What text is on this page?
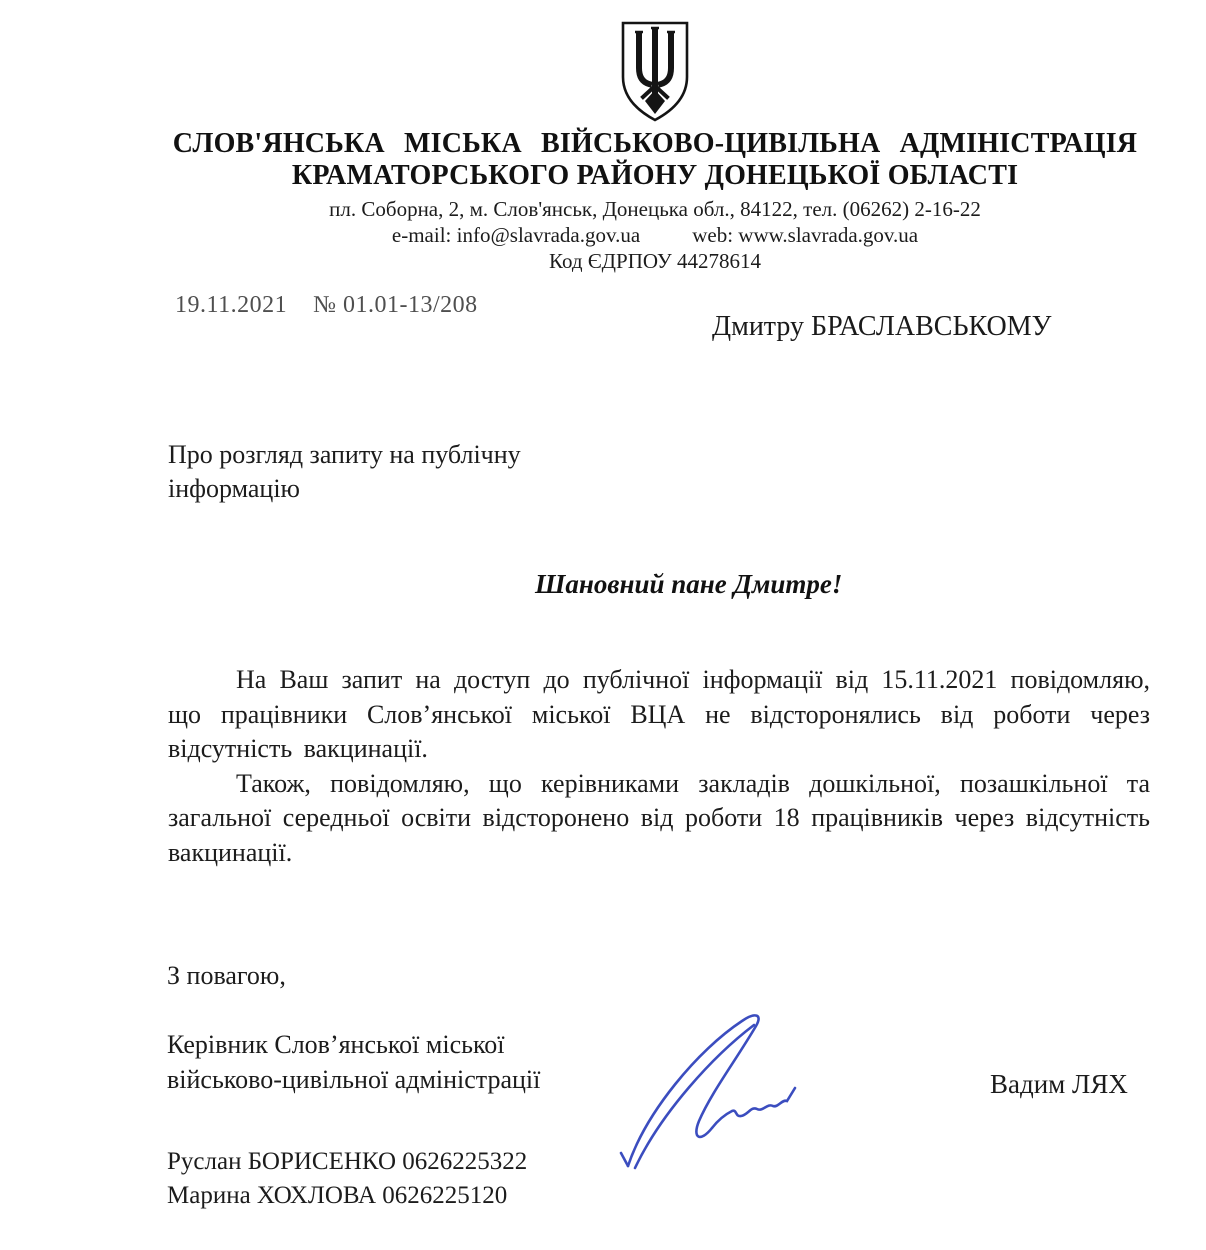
СЛОВ'ЯНСЬКА МІСЬКА ВІЙСЬКОВО-ЦИВІЛЬНА АДМІНІСТРАЦІЯ
КРАМАТОРСЬКОГО РАЙОНУ ДОНЕЦЬКОЇ ОБЛАСТІ
пл. Соборна, 2, м. Слов'янськ, Донецька обл., 84122, тел. (06262) 2-16-22
e-mail: info@slavrada.gov.ua web: www.slavrada.gov.ua
Код ЄДРПОУ 44278614
19.11.2021 № 01.01-13/208
Дмитру БРАСЛАВСЬКОМУ
Про розгляд запиту на публічну
інформацію
Шановний пане Дмитре!

На Ваш запит на доступ до публічної інформації від 15.11.2021 повідомляю, що працівники Слов’янської міської ВЦА не відсторонялись від роботи через відсутність вакцинації.

Також, повідомляю, що керівниками закладів дошкільної, позашкільної та загальної середньої освіти відсторонено від роботи 18 працівників через відсутність вакцинації.

З повагою,
Керівник Слов’янської міської
військово-цивільної адміністрації	Вадим ЛЯХ
Руслан БОРИСЕНКО 0626225322
Марина ХОХЛОВА 0626225120
